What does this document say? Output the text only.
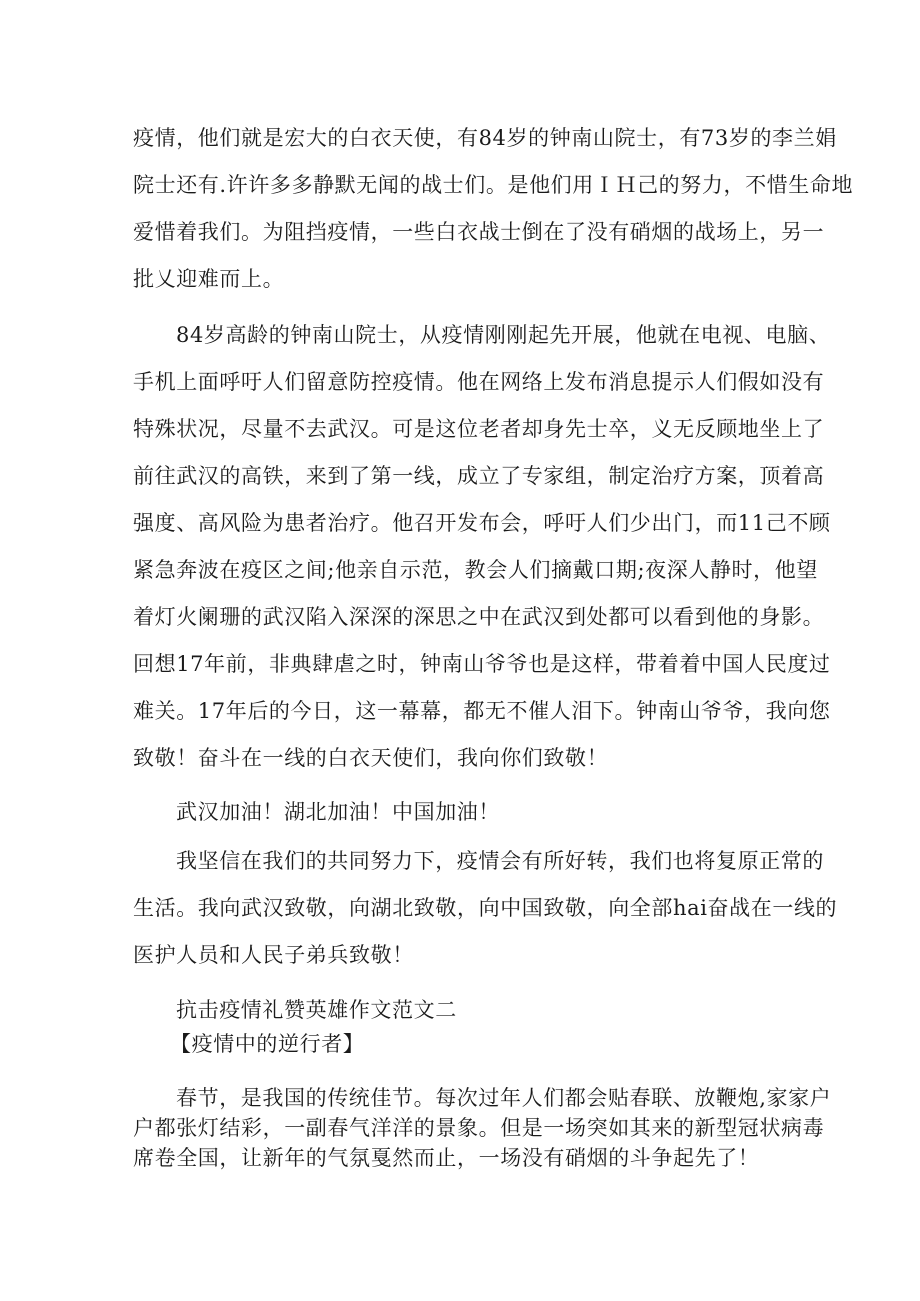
疫情，他们就是宏大的白衣天使，有84岁的钟南山院士，有73岁的李兰娟
院士还有.许许多多静默无闻的战士们。是他们用ＩＨ己的努力，不惜生命地
爱惜着我们。为阻挡疫情，一些白衣战士倒在了没有硝烟的战场上，另一
批乂迎难而上。
84岁高龄的钟南山院士，从疫情刚刚起先开展，他就在电视、电脑、
手机上面呼吁人们留意防控疫情。他在网络上发布消息提示人们假如没有
特殊状况，尽量不去武汉。可是这位老者却身先士卒，义无反顾地坐上了
前往武汉的高铁，来到了第一线，成立了专家组，制定治疗方案，顶着高
强度、高风险为患者治疗。他召开发布会，呼吁人们少出门，而11己不顾
紧急奔波在疫区之间;他亲自示范，教会人们摘戴口期;夜深人静时，他望
着灯火阑珊的武汉陷入深深的深思之中在武汉到处都可以看到他的身影。
回想17年前，非典肆虐之时，钟南山爷爷也是这样，带着着中国人民度过
难关。17年后的今日，这一幕幕，都无不催人泪下。钟南山爷爷，我向您
致敬！奋斗在一线的白衣天使们，我向你们致敬！
武汉加油！湖北加油！中国加油！
我坚信在我们的共同努力下，疫情会有所好转，我们也将复原正常的
生活。我向武汉致敬，向湖北致敬，向中国致敬，向全部hai奋战在一线的
医护人员和人民子弟兵致敬！
抗击疫情礼赞英雄作文范文二
【疫情中的逆行者】
春节，是我国的传统佳节。每次过年人们都会贴春联、放鞭炮,家家户
户都张灯结彩，一副春气洋洋的景象。但是一场突如其来的新型冠状病毒
席卷全国，让新年的气氛戛然而止，一场没有硝烟的斗争起先了！
